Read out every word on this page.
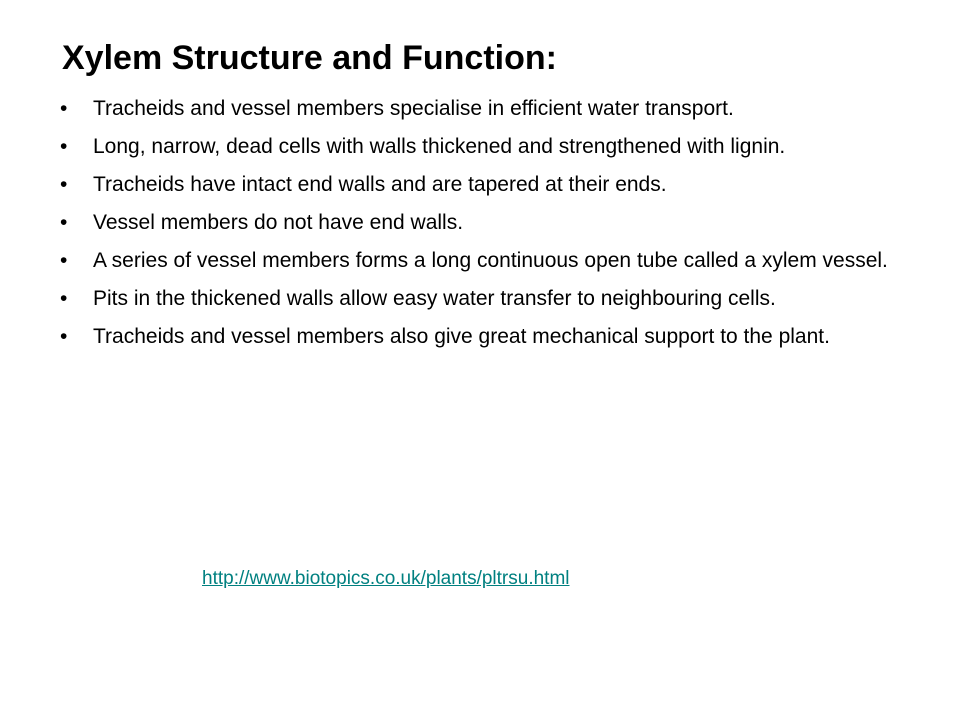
Xylem Structure and Function:
•	Tracheids and vessel members specialise in efficient water transport.
•	Long, narrow, dead cells with walls thickened and strengthened with lignin.
•	Tracheids have intact end walls and are tapered at their ends.
•	Vessel members do not have end walls.
•	A series of vessel members forms a long continuous open tube called a xylem vessel.
•	Pits in the thickened walls allow easy water transfer to neighbouring cells.
•	Tracheids and vessel members also give great mechanical support to the plant.
http://www.biotopics.co.uk/plants/pltrsu.html
